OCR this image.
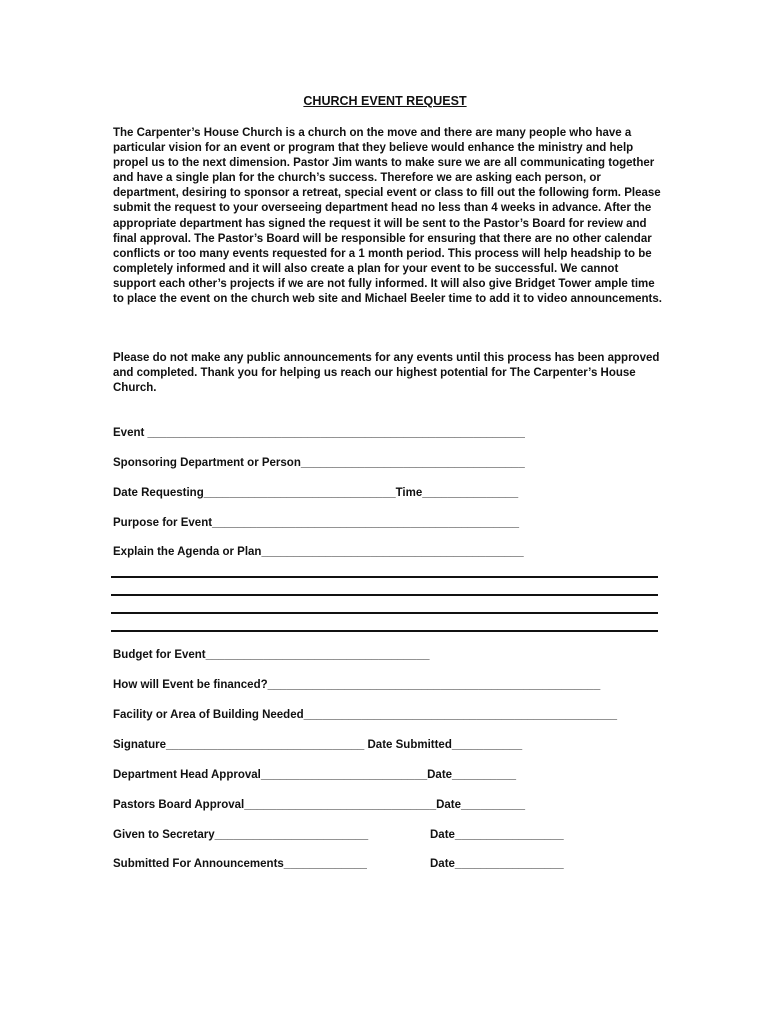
CHURCH EVENT REQUEST
The Carpenter’s House Church is a church on the move and there are many people who have a particular vision for an event or program that they believe would enhance the ministry and help propel us to the next dimension. Pastor Jim wants to make sure we are all communicating together and have a single plan for the church’s success. Therefore we are asking each person, or department, desiring to sponsor a retreat, special event or class to fill out the following form. Please submit the request to your overseeing department head no less than 4 weeks in advance. After the appropriate department has signed the request it will be sent to the Pastor’s Board for review and final approval. The Pastor’s Board will be responsible for ensuring that there are no other calendar conflicts or too many events requested for a 1 month period. This process will help headship to be completely informed and it will also create a plan for your event to be successful. We cannot support each other’s projects if we are not fully informed. It will also give Bridget Tower ample time to place the event on the church web site and Michael Beeler time to add it to video announcements.
Please do not make any public announcements for any events until this process has been approved and completed. Thank you for helping us reach our highest potential for The Carpenter’s House Church.
Event ___________________________________________________________
Sponsoring Department or Person___________________________________
Date Requesting______________________________Time_______________
Purpose for Event________________________________________________
Explain the Agenda or Plan_________________________________________
Budget for Event___________________________________
How will Event be financed?____________________________________________________
Facility or Area of Building Needed_________________________________________________
Signature_______________________________ Date Submitted___________
Department Head Approval__________________________Date__________
Pastors Board Approval______________________________Date__________
Given to Secretary________________________	Date_________________
Submitted For Announcements_____________	Date_________________
